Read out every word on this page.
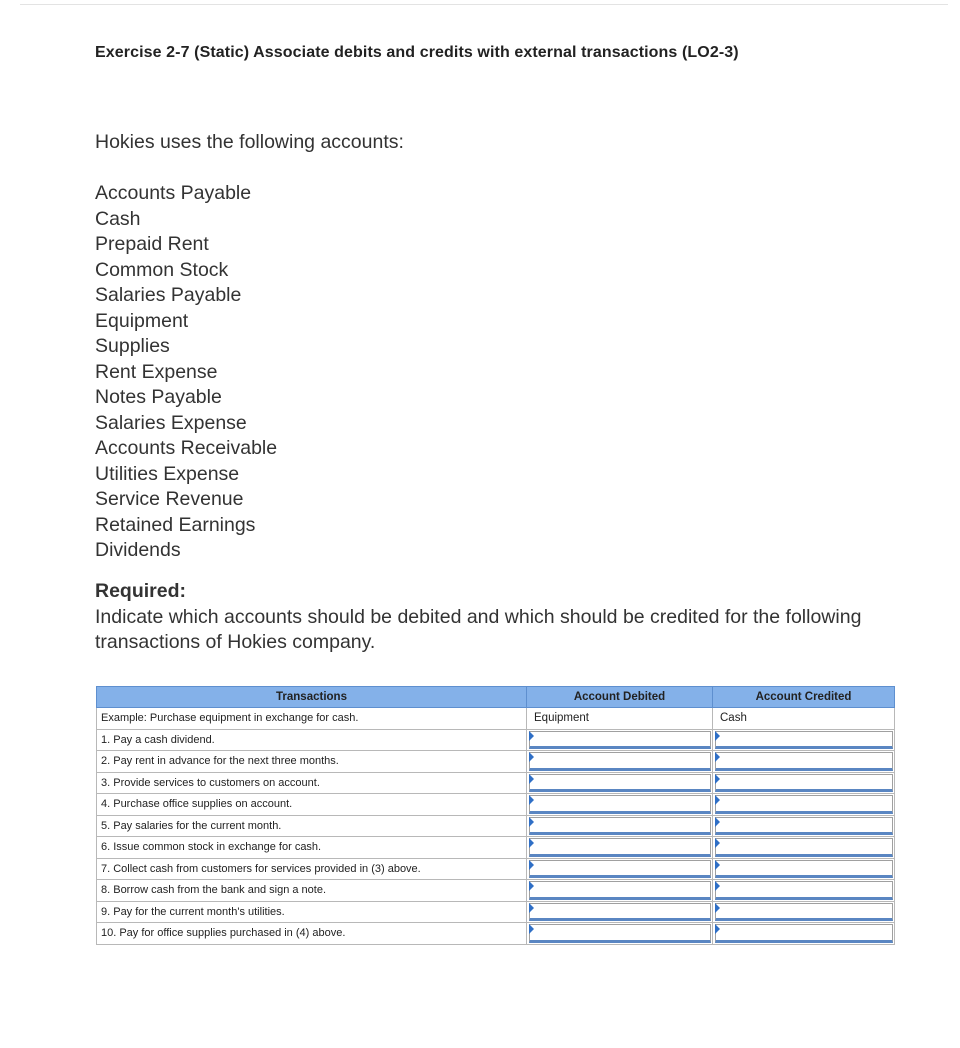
Exercise 2-7 (Static) Associate debits and credits with external transactions (LO2-3)
Hokies uses the following accounts:
Accounts Payable
Cash
Prepaid Rent
Common Stock
Salaries Payable
Equipment
Supplies
Rent Expense
Notes Payable
Salaries Expense
Accounts Receivable
Utilities Expense
Service Revenue
Retained Earnings
Dividends
Required:
Indicate which accounts should be debited and which should be credited for the following transactions of Hokies company.
Transactions	Account Debited	Account Credited
Example: Purchase equipment in exchange for cash.	Equipment	Cash
1. Pay a cash dividend.	

2. Pay rent in advance for the next three months.	

3. Provide services to customers on account.	

4. Purchase office supplies on account.	

5. Pay salaries for the current month.	

6. Issue common stock in exchange for cash.	

7. Collect cash from customers for services provided in (3) above.	

8. Borrow cash from the bank and sign a note.	

9. Pay for the current month's utilities.	

10. Pay for office supplies purchased in (4) above.	
